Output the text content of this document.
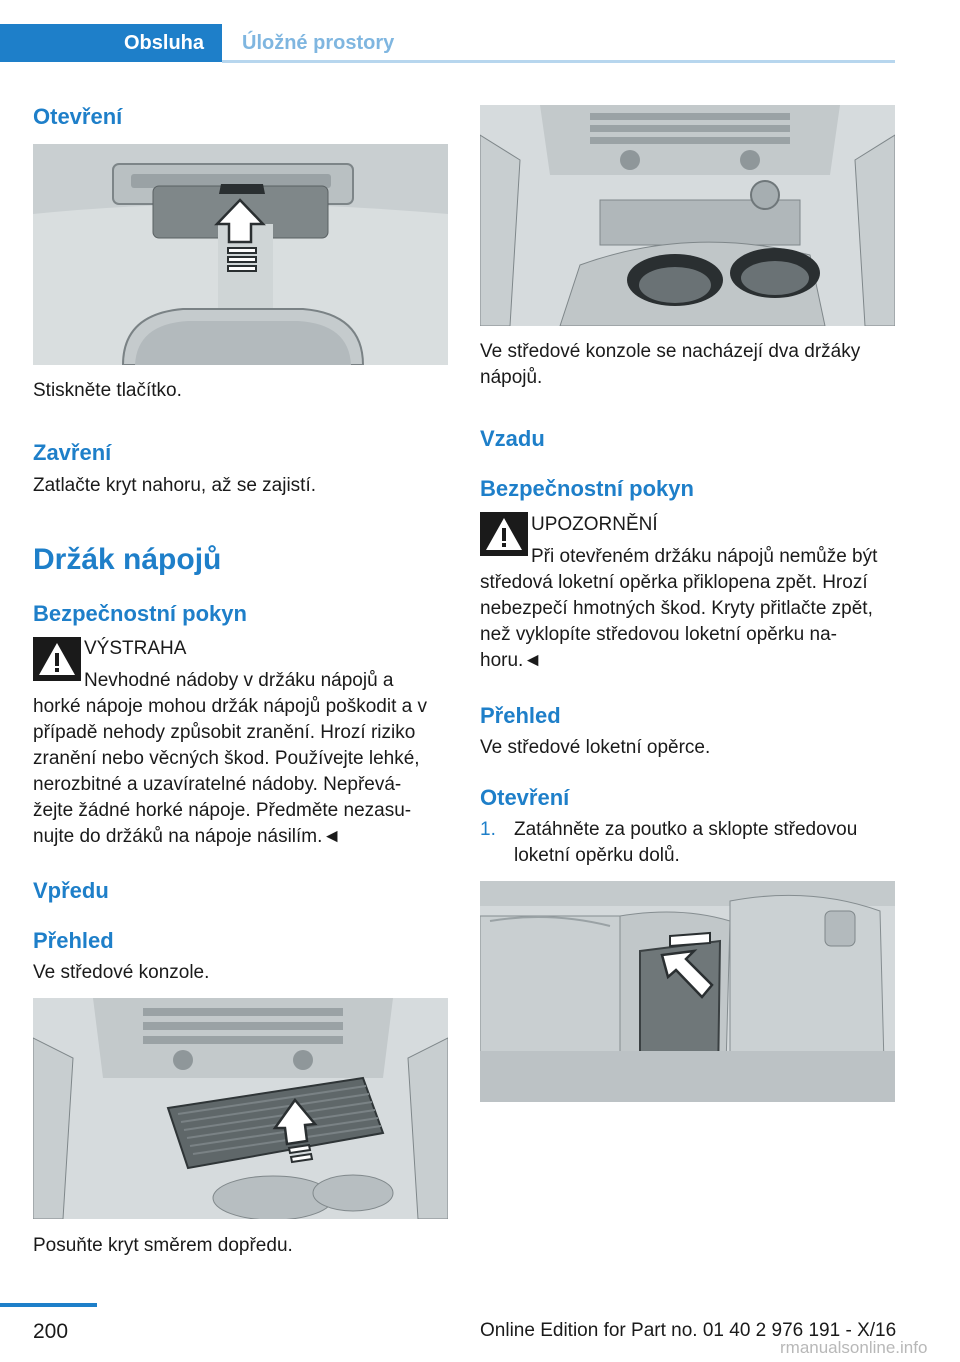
Obsluha	Úložné prostory
Otevření

Stiskněte tlačítko.

Zavření

Zatlačte kryt nahoru, až se zajistí.

Držák nápojů
Bezpečnostní pokyn
VÝSTRAHA

Nevhodné nádoby v držáku nápojů a

horké nápoje mohou držák nápojů poškodit a v

případě nehody způsobit zranění. Hrozí riziko

zranění nebo věcných škod. Používejte lehké,

nerozbitné a uzavíratelné nádoby. Nepřevá‐

žejte žádné horké nápoje. Předměte nezasu‐

nujte do držáků na nápoje násilím.◄

Vpředu
Přehled

Ve středové konzole.

Posuňte kryt směrem dopředu.

Ve středové konzole se nacházejí dva držáky

nápojů.

Vzadu
Bezpečnostní pokyn
UPOZORNĚNÍ

Při otevřeném držáku nápojů nemůže být

středová loketní opěrka přiklopena zpět. Hrozí

nebezpečí hmotných škod. Kryty přitlačte zpět,

než vyklopíte středovou loketní opěrku na‐

horu.◄

Přehled

Ve středové loketní opěrce.

Otevření

1. Zatáhněte za poutko a sklopte středovou

loketní opěrku dolů.

200	Online Edition for Part no. 01 40 2 976 191 - X/16
rmanualsonline.info
